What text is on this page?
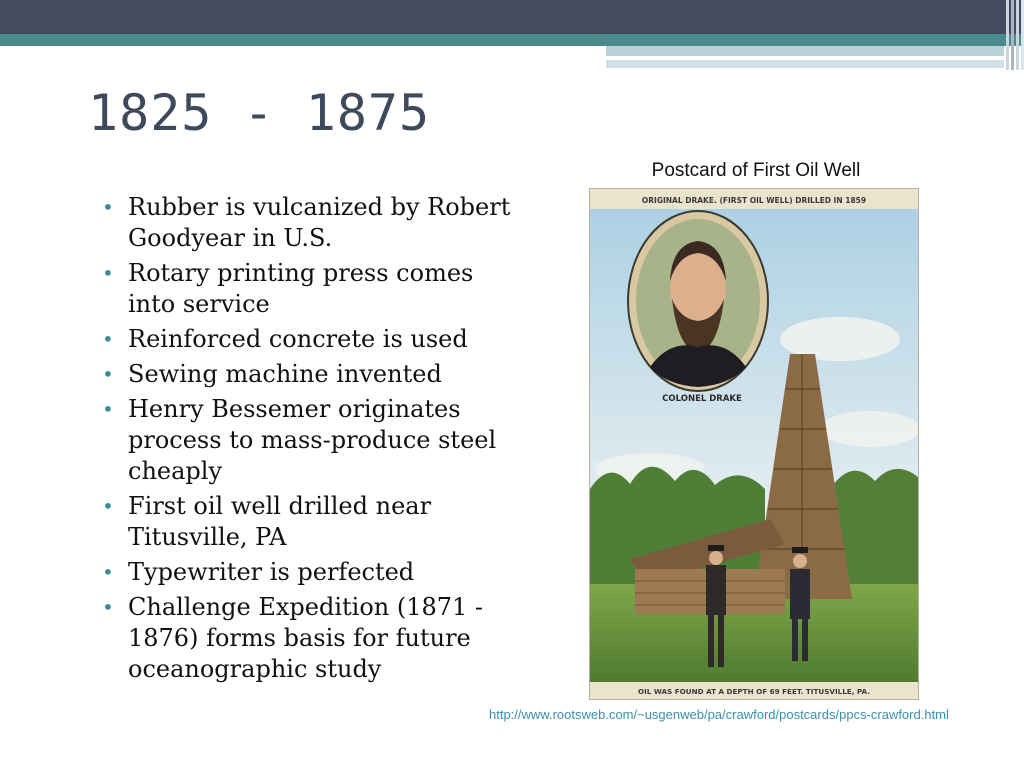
1825 - 1875
• Rubber is vulcanized by Robert Goodyear in U.S.
• Rotary printing press comes into service
• Reinforced concrete is used
• Sewing machine invented
• Henry Bessemer originates process to mass-produce steel cheaply
• First oil well drilled near Titusville, PA
• Typewriter is perfected
• Challenge Expedition (1871 - 1876) forms basis for future oceanographic study
Postcard of First Oil Well
ORIGINAL DRAKE. (FIRST OIL WELL) DRILLED IN 1859
COLONEL DRAKE
OIL WAS FOUND AT A DEPTH OF 69 FEET. TITUSVILLE, PA.
http://www.rootsweb.com/~usgenweb/pa/crawford/postcards/ppcs-crawford.html
